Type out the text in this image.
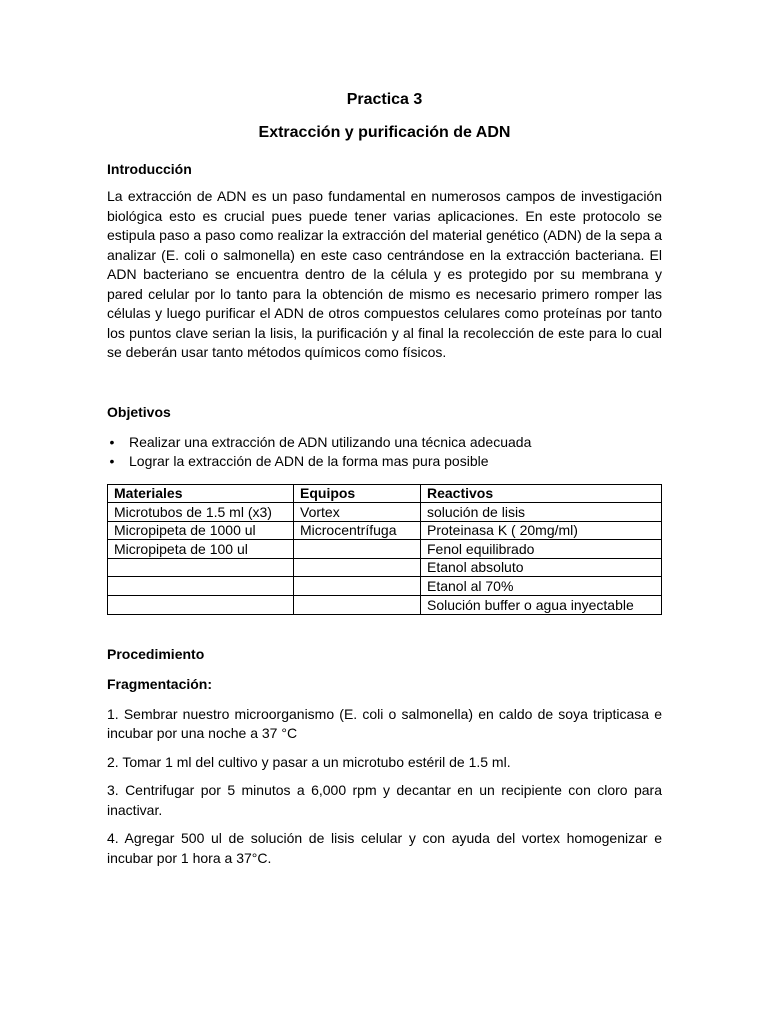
Practica 3
Extracción y purificación de ADN
Introducción

La extracción de ADN es un paso fundamental en numerosos campos de investigación biológica esto es crucial pues puede tener varias aplicaciones. En este protocolo se estipula paso a paso como realizar la extracción del material genético (ADN) de la sepa a analizar (E. coli o salmonella) en este caso centrándose en la extracción bacteriana. El ADN bacteriano se encuentra dentro de la célula y es protegido por su membrana y pared celular por lo tanto para la obtención de mismo es necesario primero romper las células y luego purificar el ADN de otros compuestos celulares como proteínas por tanto los puntos clave serian la lisis, la purificación y al final la recolección de este para lo cual se deberán usar tanto métodos químicos como físicos.

Objetivos
• Realizar una extracción de ADN utilizando una técnica adecuada
• Lograr la extracción de ADN de la forma mas pura posible
Materiales	Equipos	Reactivos
Microtubos de 1.5 ml (x3)	Vortex	solución de lisis
Micropipeta de 1000 ul	Microcentrífuga	Proteinasa K ( 20mg/ml)
Micropipeta de 100 ul		Fenol equilibrado
		Etanol absoluto
		Etanol al 70%
		Solución buffer o agua inyectable
Procedimiento
Fragmentación:

1. Sembrar nuestro microorganismo (E. coli o salmonella) en caldo de soya tripticasa e incubar por una noche a 37 °C

2. Tomar 1 ml del cultivo y pasar a un microtubo estéril de 1.5 ml.

3. Centrifugar por 5 minutos a 6,000 rpm y decantar en un recipiente con cloro para inactivar.

4. Agregar 500 ul de solución de lisis celular y con ayuda del vortex homogenizar e incubar por 1 hora a 37°C.
